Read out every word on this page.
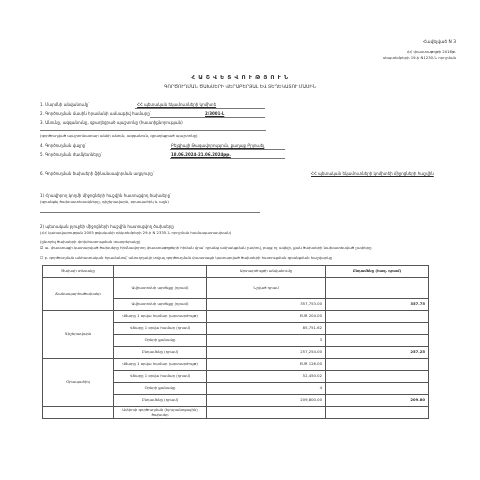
Հավելված N 3
ՀՀ փաստաթղթի 2016թ.
սեպտեմբերի 19-ի N1230-Ն որոշման
Հ Ա Շ Վ Ե Տ Վ Ո Ւ Թ Յ Ո Ւ Ն
ԳՈՐԾՈՒՂՄԱՆ ԾԱԽՍԵՐԻ ՎԵՐԱԲԵՐՅԱԼ ԵՎ ՏԵՂԵԿԱՏՈՒ ՄԱՍԻՆ
1. Մարմնի անվանումը՝	ՀՀ պետական եկամուտների կոմիտե
2. Գործուղման մասին հրամանի ամսաթիվ համարը՝	2/3001-Լ
3. Անունը, ազգանունը, զբաղեցրած պաշտոնը (հաստիքնորության)
(գործուղված պաշտոնատար անձի անուն, ազգանուն, զբաղեցրած պաշտոնը)
4. Գործուղման վայրը՝	Բելգիայի Թագավորություն, քաղաք Բրյուսել
5. Գործուղման ժամկետները՝	18.06.2024-21.06.2024թթ.
6. Գործուղման ծախսերի ֆինանսավորման աղբյուրը՝	ՀՀ պետական եկամուտների կոմիտեի միջոցների հաշվին
1) Հրավիրող կողմի միջոցների հաշվին հատուցվող ծախսերը՝
(գրանցել ծախսատեսակները, գիշերավարձ, օրապահիկ և այլն)
2) պետական բյուջեի միջոցների հաշվին հատուցվող ծախսերը
(ՀՀ կառավարության 2005 թվականի դեկտեմբերի 29-ի N 2335-Ն որոշման համապատասխան)
(ընտրել ծախսերի փոխհատուցման տարբերակը)
☑ ա. փաստացի կատարված ծախսերը հիմնավորող փաստաթղթերի հիման վրա՝ դրանց ամրակցման չափով, բայց ոչ ավելի, քան ծախսերի նախատեսված չափերը
☐ բ. գործուղման անհատական հրամանով՝ անուղղակի տվյալ գործուղման փաստացի կատարված ծախսերի հատուցման գրանցման հաշվարկը
Ծախսի տեսակը		Արտարժույթի անվանումը	Ընդամենը (հազ. դրամ)
Ճանապարհածախսեր	Ավիատոմսի արժեքը (դրամ)	Նշված դրամ	
	Ավիատոմսի արժեքը (դրամ)	357,753.00	357.75
Գիշերավարձ	Վճարը 1 օրվա համար (արտարժույթ)	EUR 204.00	
	Վճարը 1 օրվա համար (դրամ)	85,751.62	
	Օրերի քանակը	3	
	Ընդամենը (դրամ)	257,254.00	257.25
Օրապահիկ	Վճարը 1 օրվա համար (արտարժույթ)	EUR 126.00	
	Վճարը 1 օրվա համար (դրամ)	52,450.02	
	Օրերի քանակը	4	
	Ընդամենը (դրամ)	209,800.00	209.80
	Ամփոփ գործուղման (հյուրանոցային) ծախսեր		
